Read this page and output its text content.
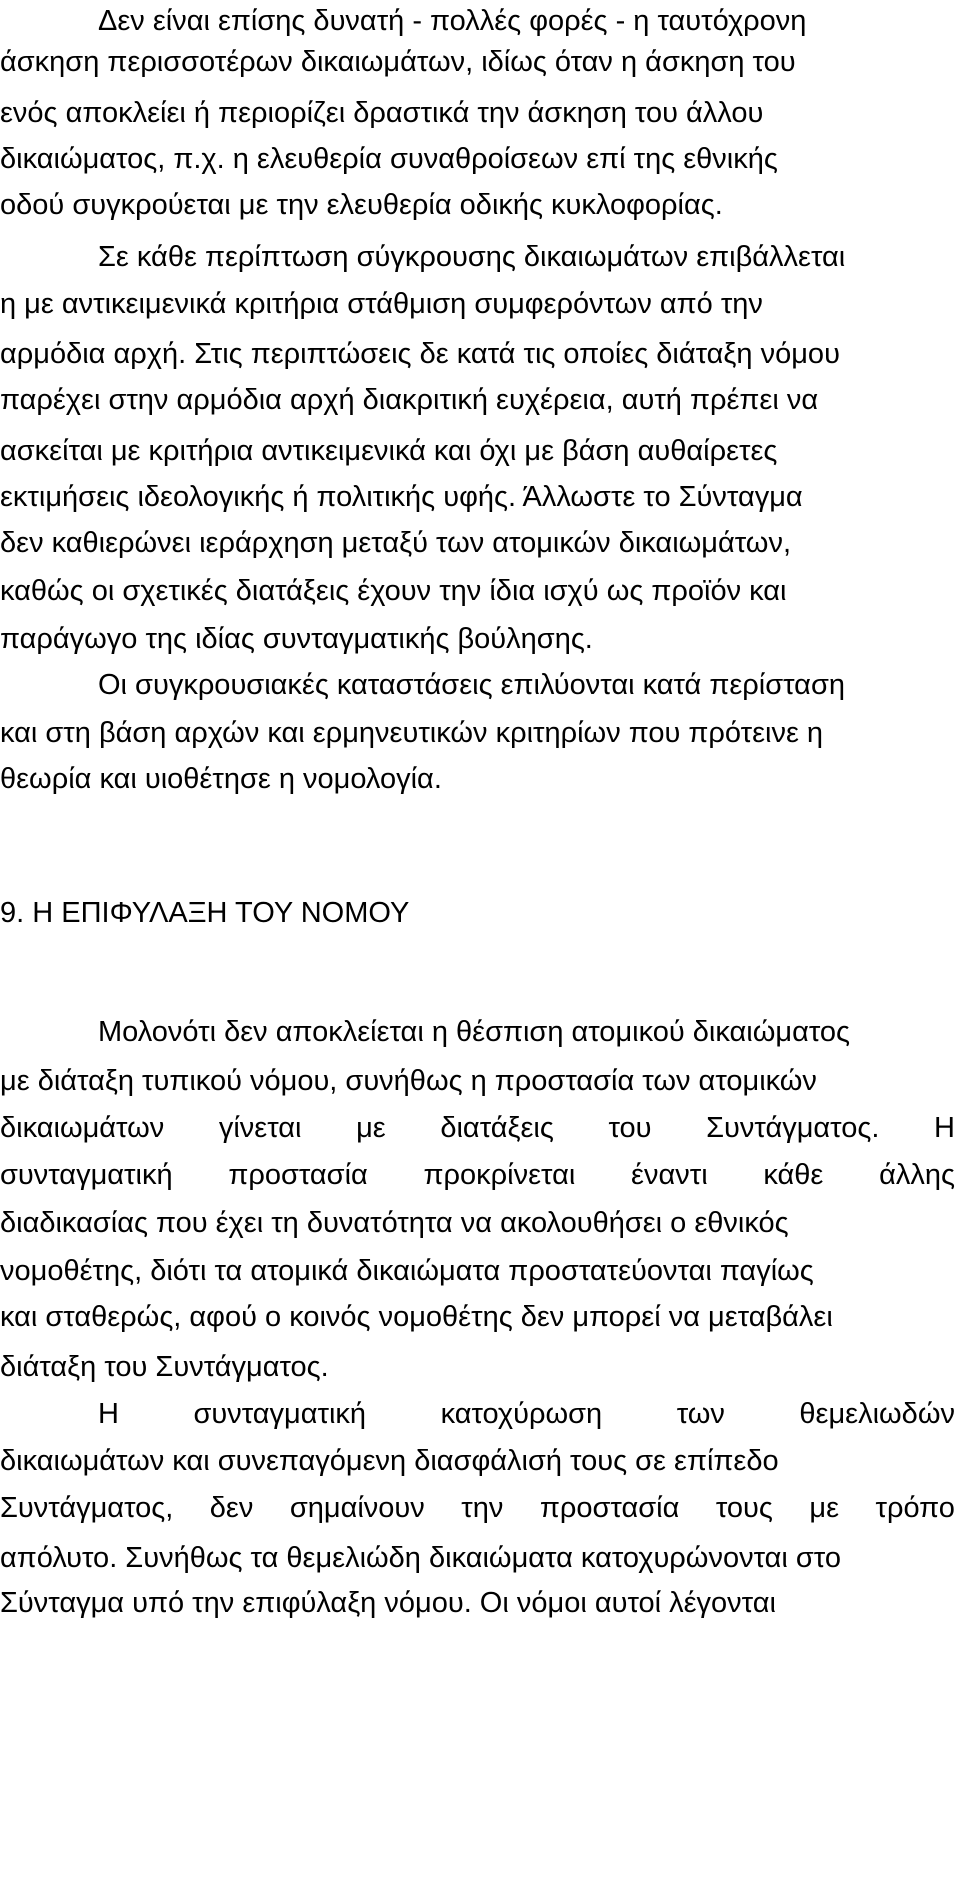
Δεν είναι επίσης δυνατή - πολλές φορές - η ταυτόχρονη
άσκηση περισσοτέρων δικαιωμάτων, ιδίως όταν η άσκηση του
ενός αποκλείει ή περιορίζει δραστικά την άσκηση του άλλου
δικαιώματος, π.χ. η ελευθερία συναθροίσεων επί της εθνικής
οδού συγκρούεται με την ελευθερία οδικής κυκλοφορίας.
Σε κάθε περίπτωση σύγκρουσης δικαιωμάτων επιβάλλεται
η με αντικειμενικά κριτήρια στάθμιση συμφερόντων από την
αρμόδια αρχή. Στις περιπτώσεις δε κατά τις οποίες διάταξη νόμου
παρέχει στην αρμόδια αρχή διακριτική ευχέρεια, αυτή πρέπει να
ασκείται με κριτήρια αντικειμενικά και όχι με βάση αυθαίρετες
εκτιμήσεις ιδεολογικής ή πολιτικής υφής. Άλλωστε το Σύνταγμα
δεν καθιερώνει ιεράρχηση μεταξύ των ατομικών δικαιωμάτων,
καθώς οι σχετικές διατάξεις έχουν την ίδια ισχύ ως προϊόν και
παράγωγο της ιδίας συνταγματικής βούλησης.
Οι συγκρουσιακές καταστάσεις επιλύονται κατά περίσταση
και στη βάση αρχών και ερμηνευτικών κριτηρίων που πρότεινε η
θεωρία και υιοθέτησε η νομολογία.
9. Η ΕΠΙΦΥΛΑΞΗ ΤΟΥ ΝΟΜΟΥ
Μολονότι δεν αποκλείεται η θέσπιση ατομικού δικαιώματος
με διάταξη τυπικού νόμου, συνήθως η προστασία των ατομικών
δικαιωμάτων γίνεται με διατάξεις του Συντάγματος. Η
συνταγματική προστασία προκρίνεται έναντι κάθε άλλης
διαδικασίας που έχει τη δυνατότητα να ακολουθήσει ο εθνικός
νομοθέτης, διότι τα ατομικά δικαιώματα προστατεύονται παγίως
και σταθερώς, αφού ο κοινός νομοθέτης δεν μπορεί να μεταβάλει
διάταξη του Συντάγματος.
Η	συνταγματική	κατοχύρωση	των	θεμελιωδών
δικαιωμάτων και συνεπαγόμενη διασφάλισή τους σε επίπεδο
Συντάγματος, δεν σημαίνουν την προστασία τους με τρόπο
απόλυτο. Συνήθως τα θεμελιώδη δικαιώματα κατοχυρώνονται στο
Σύνταγμα υπό την επιφύλαξη νόμου. Οι νόμοι αυτοί λέγονται
